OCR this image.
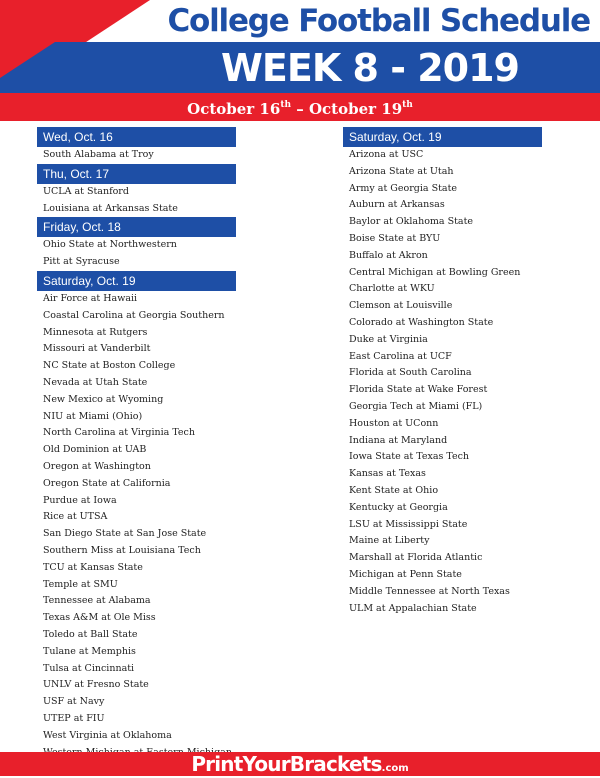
College Football Schedule
WEEK 8 - 2019
October 16th – October 19th
Wed, Oct. 16
South Alabama at Troy
Thu, Oct. 17
UCLA at Stanford
Louisiana at Arkansas State
Friday, Oct. 18
Ohio State at Northwestern
Pitt at Syracuse
Saturday, Oct. 19
Air Force at Hawaii
Coastal Carolina at Georgia Southern
Minnesota at Rutgers
Missouri at Vanderbilt
NC State at Boston College
Nevada at Utah State
New Mexico at Wyoming
NIU at Miami (Ohio)
North Carolina at Virginia Tech
Old Dominion at UAB
Oregon at Washington
Oregon State at California
Purdue at Iowa
Rice at UTSA
San Diego State at San Jose State
Southern Miss at Louisiana Tech
TCU at Kansas State
Temple at SMU
Tennessee at Alabama
Texas A&M at Ole Miss
Toledo at Ball State
Tulane at Memphis
Tulsa at Cincinnati
UNLV at Fresno State
USF at Navy
UTEP at FIU
West Virginia at Oklahoma
Saturday, Oct. 19
Arizona at USC
Arizona State at Utah
Army at Georgia State
Auburn at Arkansas
Baylor at Oklahoma State
Boise State at BYU
Buffalo at Akron
Central Michigan at Bowling Green
Charlotte at WKU
Clemson at Louisville
Colorado at Washington State
Duke at Virginia
East Carolina at UCF
Florida at South Carolina
Florida State at Wake Forest
Georgia Tech at Miami (FL)
Houston at UConn
Indiana at Maryland
Iowa State at Texas Tech
Kansas at Texas
Kent State at Ohio
Kentucky at Georgia
LSU at Mississippi State
Maine at Liberty
Marshall at Florida Atlantic
Michigan at Penn State
Middle Tennessee at North Texas
ULM at Appalachian State
PrintYourBrackets.com
